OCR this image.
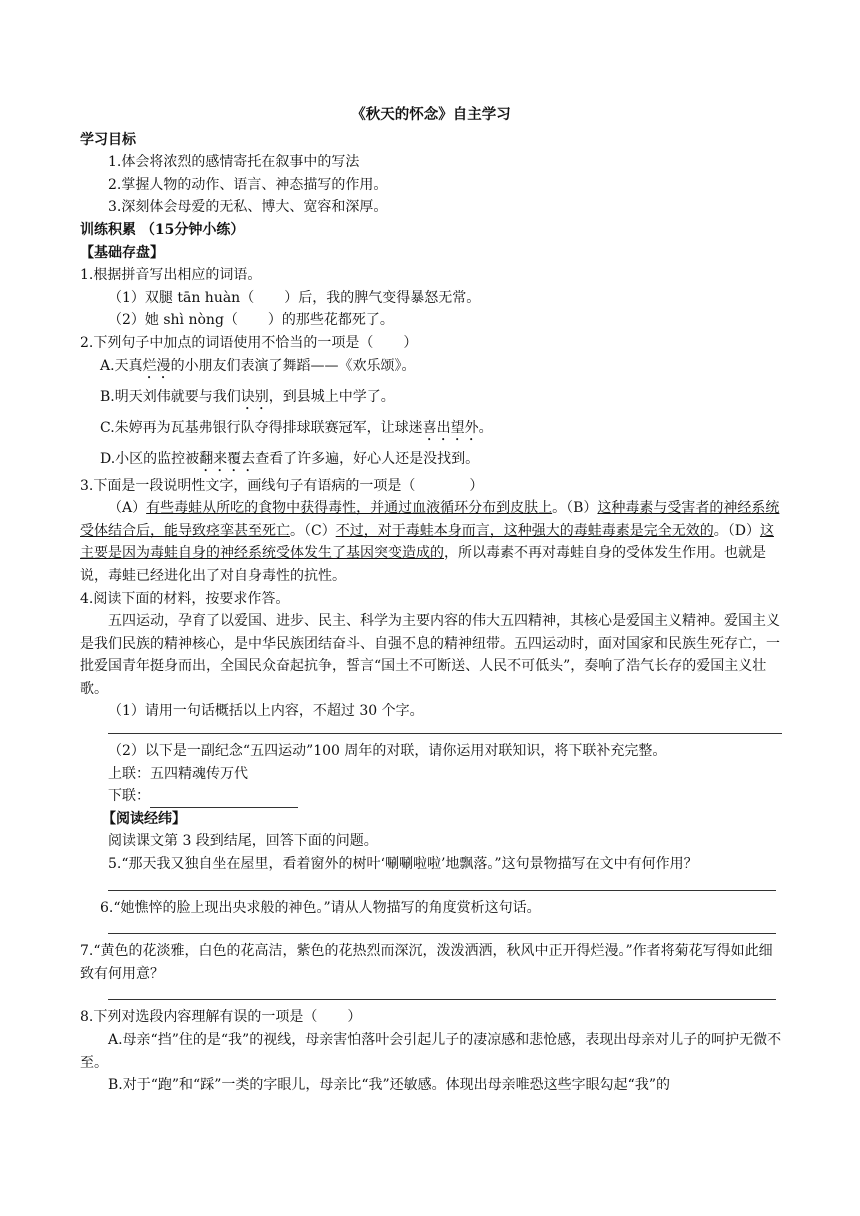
《秋天的怀念》自主学习

学习目标

1.体会将浓烈的感情寄托在叙事中的写法

2.掌握人物的动作、语言、神态描写的作用。

3.深刻体会母爱的无私、博大、宽容和深厚。

训练积累 （15分钟小练）

【基础存盘】

1.根据拼音写出相应的词语。

（1）双腿 tān huàn（ ）后，我的脾气变得暴怒无常。

（2）她 shì nòng（ ）的那些花都死了。

2.下列句子中加点的词语使用不恰当的一项是（ ）

A.天真烂漫的小朋友们表演了舞蹈——《欢乐颂》。

B.明天刘伟就要与我们诀别，到县城上中学了。

C.朱婷再为瓦基弗银行队夺得排球联赛冠军，让球迷喜出望外。

D.小区的监控被翻来覆去查看了许多遍，好心人还是没找到。

3.下面是一段说明性文字，画线句子有语病的一项是（	）

（A）有些毒蛙从所吃的食物中获得毒性，并通过血液循环分布到皮肤上。（B）这种毒素与受害者的神经系统受体结合后，能导致痉挛甚至死亡。（C）不过，对于毒蛙本身而言，这种强大的毒蛙毒素是完全无效的。（D）这主要是因为毒蛙自身的神经系统受体发生了基因突变造成的，所以毒素不再对毒蛙自身的受体发生作用。也就是说，毒蛙已经进化出了对自身毒性的抗性。

4.阅读下面的材料，按要求作答。

五四运动，孕育了以爱国、进步、民主、科学为主要内容的伟大五四精神，其核心是爱国主义精神。爱国主义是我们民族的精神核心，是中华民族团结奋斗、自强不息的精神纽带。五四运动时，面对国家和民族生死存亡，一批爱国青年挺身而出，全国民众奋起抗争，誓言“国土不可断送、人民不可低头”，奏响了浩气长存的爱国主义壮歌。

（1）请用一句话概括以上内容，不超过 30 个字。

（2）以下是一副纪念“五四运动”100 周年的对联，请你运用对联知识，将下联补充完整。

上联：五四精魂传万代

下联：

【阅读经纬】

阅读课文第 3 段到结尾，回答下面的问题。

5.“那天我又独自坐在屋里，看着窗外的树叶‘唰唰啦啦’地飘落。”这句景物描写在文中有何作用？

6.“她憔悴的脸上现出央求般的神色。”请从人物描写的角度赏析这句话。

7.“黄色的花淡雅，白色的花高洁，紫色的花热烈而深沉，泼泼洒洒，秋风中正开得烂漫。”作者将菊花写得如此细致有何用意？

8.下列对选段内容理解有误的一项是（ ）

A.母亲“挡”住的是“我”的视线，母亲害怕落叶会引起儿子的凄凉感和悲怆感，表现出母亲对儿子的呵护无微不至。

B.对于“跑”和“踩”一类的字眼儿，母亲比“我”还敏感。体现出母亲唯恐这些字眼勾起“我”的
